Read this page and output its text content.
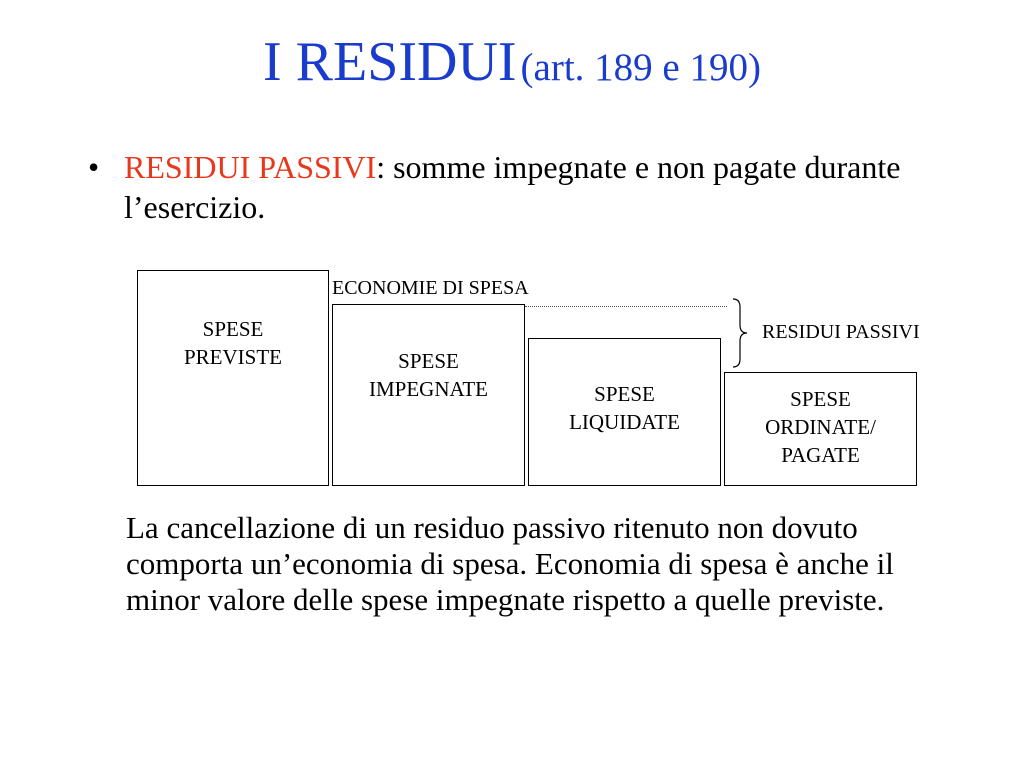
I RESIDUI (art. 189 e 190)
• RESIDUI PASSIVI: somme impegnate e non pagate durante l’esercizio.
SPESE
PREVISTE	SPESE
IMPEGNATE	SPESE
LIQUIDATE
SPESE
ORDINATE/
PAGATE
ECONOMIE DI SPESA
RESIDUI PASSIVI
La cancellazione di un residuo passivo ritenuto non dovuto comporta un’economia di spesa. Economia di spesa è anche il minor valore delle spese impegnate rispetto a quelle previste.
